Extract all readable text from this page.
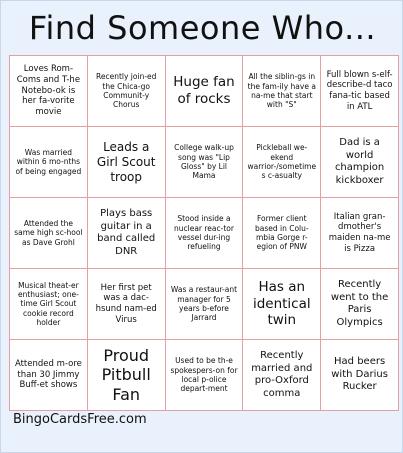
Find Someone Who...
Loves Rom-Coms and T-he Notebo-ok is her fa-vorite movie
Recently join-ed the Chica-go Communit-y Chorus
Huge fan of rocks
All the siblin-gs in the fam-ily have a na-me that start with "S"
Full blown s-elf-describe-d taco fana-tic based in ATL
Was married within 6 mo-nths of being engaged
Leads a Girl Scout troop
College walk-up song was "Lip Gloss" by Lil Mama
Pickleball we-ekend warrior-/sometimes c-asualty
Dad is a world champion kickboxer
Attended the same high sc-hool as Dave Grohl
Plays bass guitar in a band called DNR
Stood inside a nuclear reac-tor vessel dur-ing refueling
Former client based in Colu-mbia Gorge r-egion of PNW
Italian gran-dmother's maiden na-me is Pizza
Musical theat-er enthusiast; one-time Girl Scout cookie record holder
Her first pet was a dac-hsund nam-ed Virus
Was a restaur-ant manager for 5 years b-efore Jarrard
Has an identical twin
Recently went to the Paris Olympics
Attended m-ore than 30 Jimmy Buff-et shows
Proud Pitbull Fan
Used to be th-e spokespers-on for local p-olice depart-ment
Recently married and pro-Oxford comma
Had beers with Darius Rucker
BingoCardsFree.com
